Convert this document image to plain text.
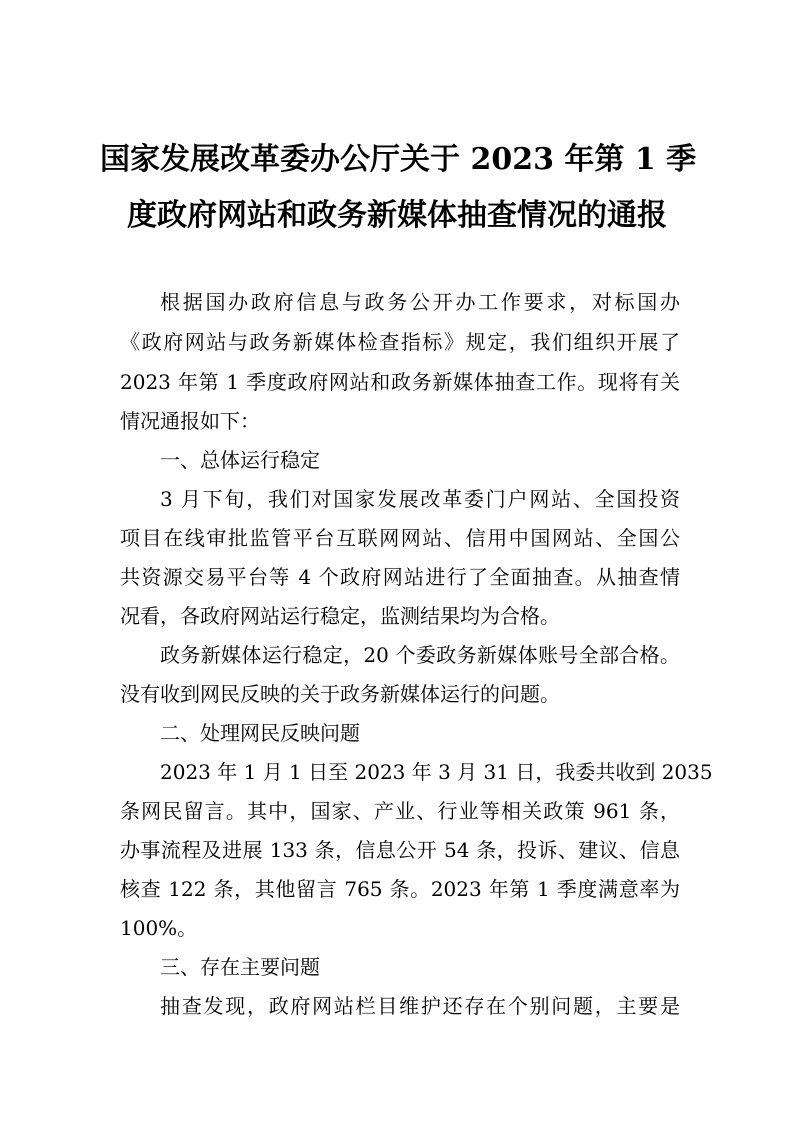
国家发展改革委办公厅关于 2023 年第 1 季
度政府网站和政务新媒体抽查情况的通报
根据国办政府信息与政务公开办工作要求，对标国办
《政府网站与政务新媒体检查指标》规定，我们组织开展了
2023 年第 1 季度政府网站和政务新媒体抽查工作。现将有关
情况通报如下：
一、总体运行稳定
3 月下旬，我们对国家发展改革委门户网站、全国投资
项目在线审批监管平台互联网网站、信用中国网站、全国公
共资源交易平台等 4 个政府网站进行了全面抽查。从抽查情
况看，各政府网站运行稳定，监测结果均为合格。
政务新媒体运行稳定，20 个委政务新媒体账号全部合格。
没有收到网民反映的关于政务新媒体运行的问题。
二、处理网民反映问题
2023 年 1 月 1 日至 2023 年 3 月 31 日，我委共收到 2035
条网民留言。其中，国家、产业、行业等相关政策 961 条，
办事流程及进展 133 条，信息公开 54 条，投诉、建议、信息
核查 122 条，其他留言 765 条。2023 年第 1 季度满意率为
100%。
三、存在主要问题
抽查发现，政府网站栏目维护还存在个别问题，主要是
